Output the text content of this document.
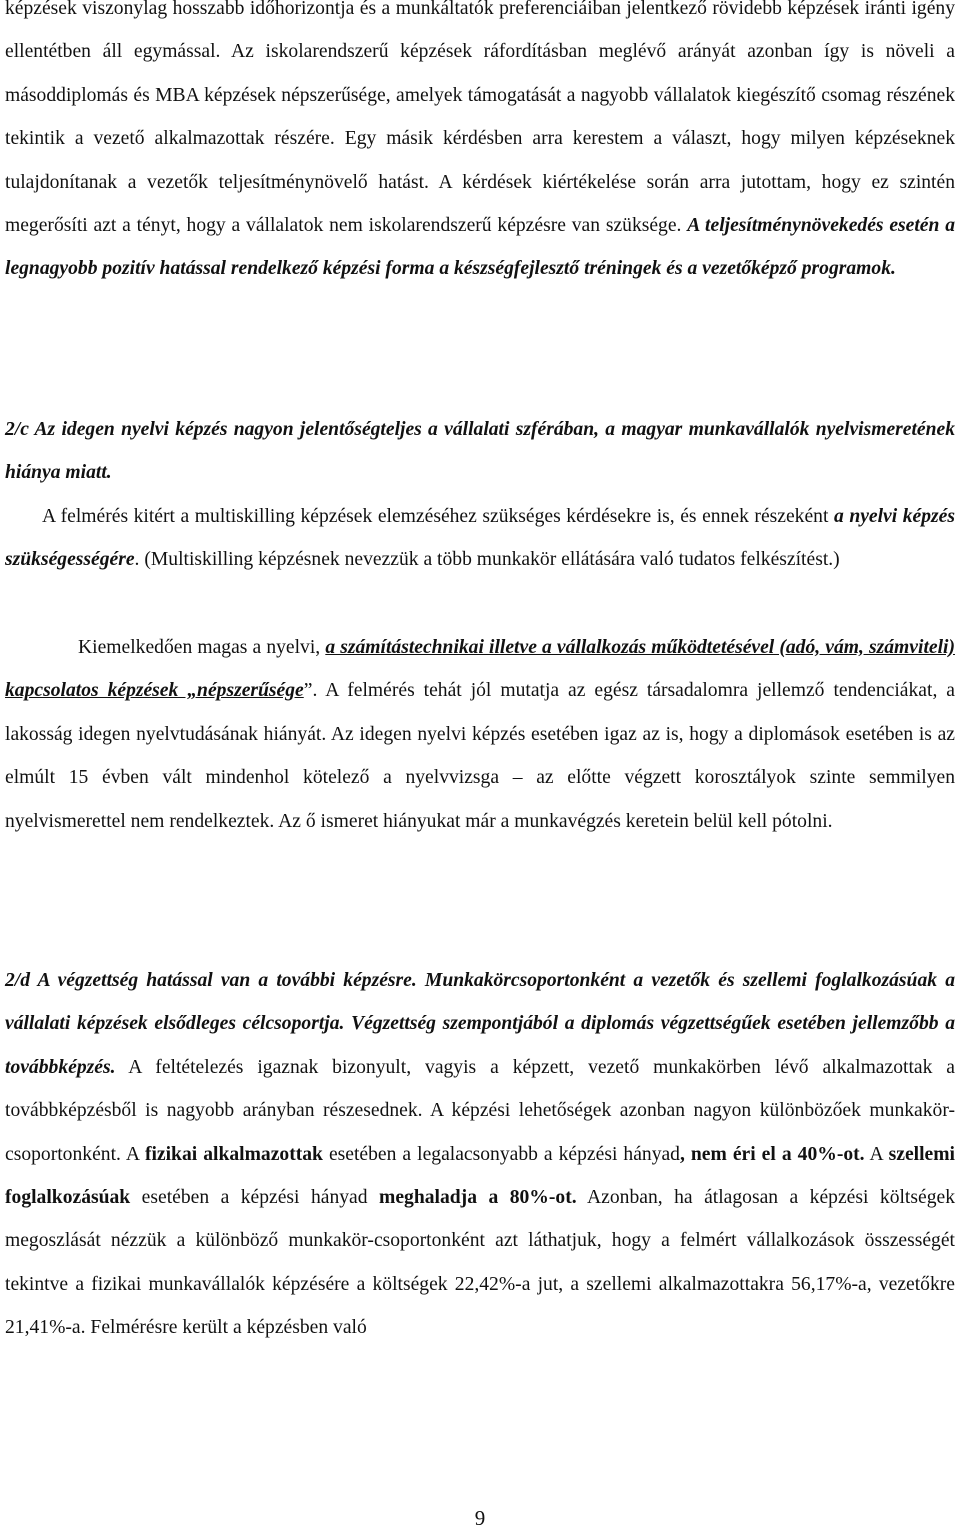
képzések viszonylag hosszabb időhorizontja és a munkáltatók preferenciáiban jelentkező rövidebb képzések iránti igény ellentétben áll egymással. Az iskolarendszerű képzések ráfordításban meglévő arányát azonban így is növeli a másoddiplomás és MBA képzések népszerűsége, amelyek támogatását a nagyobb vállalatok kiegészítő csomag részének tekintik a vezető alkalmazottak részére. Egy másik kérdésben arra kerestem a választ, hogy milyen képzéseknek tulajdonítanak a vezetők teljesítménynövelő hatást. A kérdések kiértékelése során arra jutottam, hogy ez szintén megerősíti azt a tényt, hogy a vállalatok nem iskolarendszerű képzésre van szüksége. A teljesítménynövekedés esetén a legnagyobb pozitív hatással rendelkező képzési forma a készségfejlesztő tréningek és a vezetőképző programok.

2/c Az idegen nyelvi képzés nagyon jelentőségteljes a vállalati szférában, a magyar munkavállalók nyelvismeretének hiánya miatt.

A felmérés kitért a multiskilling képzések elemzéséhez szükséges kérdésekre is, és ennek részeként a nyelvi képzés szükségességére. (Multiskilling képzésnek nevezzük a több munkakör ellátására való tudatos felkészítést.)

Kiemelkedően magas a nyelvi, a számítástechnikai illetve a vállalkozás működtetésével (adó, vám, számviteli) kapcsolatos képzések „népszerűsége”. A felmérés tehát jól mutatja az egész társadalomra jellemző tendenciákat, a lakosság idegen nyelvtudásának hiányát. Az idegen nyelvi képzés esetében igaz az is, hogy a diplomások esetében is az elmúlt 15 évben vált mindenhol kötelező a nyelvvizsga – az előtte végzett korosztályok szinte semmilyen nyelvismerettel nem rendelkeztek. Az ő ismeret hiányukat már a munkavégzés keretein belül kell pótolni.

2/d A végzettség hatással van a további képzésre. Munkakörcsoportonként a vezetők és szellemi foglalkozásúak a vállalati képzések elsődleges célcsoportja. Végzettség szempontjából a diplomás végzettségűek esetében jellemzőbb a továbbképzés. A feltételezés igaznak bizonyult, vagyis a képzett, vezető munkakörben lévő alkalmazottak a továbbképzésből is nagyobb arányban részesednek. A képzési lehetőségek azonban nagyon különbözőek munkakör-csoportonként. A fizikai alkalmazottak esetében a legalacsonyabb a képzési hányad, nem éri el a 40%-ot. A szellemi foglalkozásúak esetében a képzési hányad meghaladja a 80%-ot. Azonban, ha átlagosan a képzési költségek megoszlását nézzük a különböző munkakör-csoportonként azt láthatjuk, hogy a felmért vállalkozások összességét tekintve a fizikai munkavállalók képzésére a költségek 22,42%-a jut, a szellemi alkalmazottakra 56,17%-a, vezetőkre 21,41%-a. Felmérésre került a képzésben való

9
